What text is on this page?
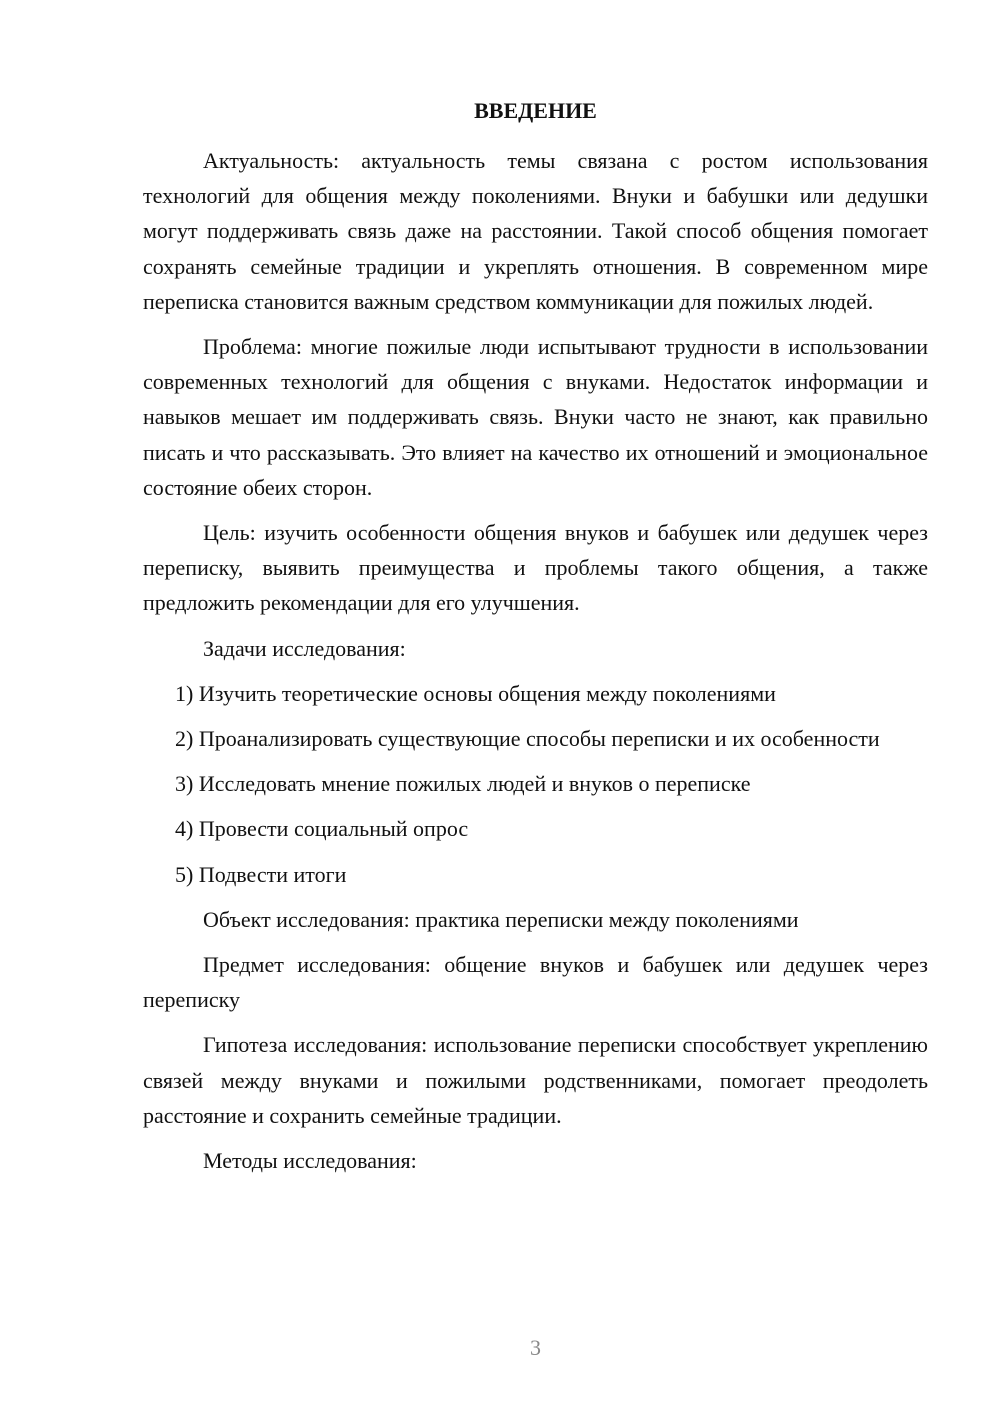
ВВЕДЕНИЕ

Актуальность: актуальность темы связана с ростом использования технологий для общения между поколениями. Внуки и бабушки или дедушки могут поддерживать связь даже на расстоянии. Такой способ общения помогает сохранять семейные традиции и укреплять отношения. В современном мире переписка становится важным средством коммуникации для пожилых людей.

Проблема: многие пожилые люди испытывают трудности в использовании современных технологий для общения с внуками. Недостаток информации и навыков мешает им поддерживать связь. Внуки часто не знают, как правильно писать и что рассказывать. Это влияет на качество их отношений и эмоциональное состояние обеих сторон.

Цель: изучить особенности общения внуков и бабушек или дедушек через переписку, выявить преимущества и проблемы такого общения, а также предложить рекомендации для его улучшения.

Задачи исследования:

1) Изучить теоретические основы общения между поколениями

2) Проанализировать существующие способы переписки и их особенности

3) Исследовать мнение пожилых людей и внуков о переписке

4) Провести социальный опрос

5) Подвести итоги

Объект исследования: практика переписки между поколениями

Предмет исследования: общение внуков и бабушек или дедушек через переписку

Гипотеза исследования: использование переписки способствует укреплению связей между внуками и пожилыми родственниками, помогает преодолеть расстояние и сохранить семейные традиции.

Методы исследования:

3
